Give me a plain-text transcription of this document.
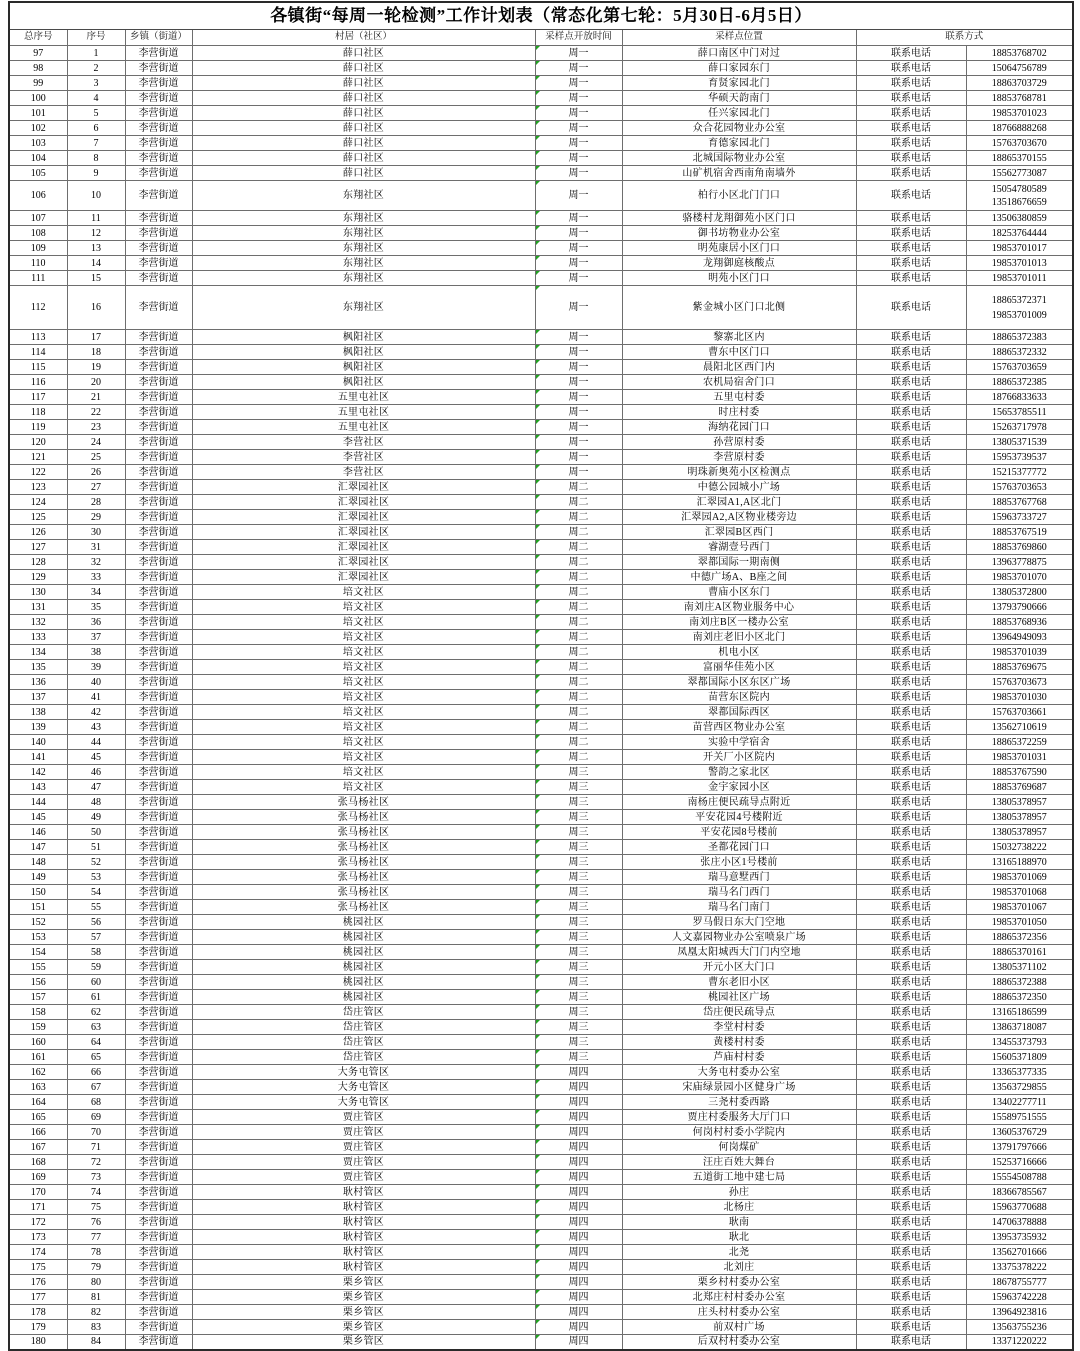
各镇街“每周一轮检测”工作计划表（常态化第七轮：5月30日-6月5日）							
总序号	序号	乡镇（街道）	村居（社区）	采样点开放时间	采样点位置	联系方式	
97	1	李营街道	薛口社区	周一	薛口南区中门对过	联系电话	18853768702

98	2	李营街道	薛口社区	周一	薛口家园东门	联系电话	15064756789

99	3	李营街道	薛口社区	周一	育贤家园北门	联系电话	18863703729

100	4	李营街道	薛口社区	周一	华硕天韵南门	联系电话	18853768781

101	5	李营街道	薛口社区	周一	任兴家园北门	联系电话	19853701023

102	6	李营街道	薛口社区	周一	众合花园物业办公室	联系电话	18766888268

103	7	李营街道	薛口社区	周一	育德家园北门	联系电话	15763703670

104	8	李营街道	薛口社区	周一	北城国际物业办公室	联系电话	18865370155

105	9	李营街道	薛口社区	周一	山矿机宿舍西南角南墙外	联系电话	15562773087

106	10	李营街道	东翔社区	周一	柏行小区北门门口	联系电话	15054780589
13518676659

107	11	李营街道	东翔社区	周一	骆楼村龙翔御苑小区门口	联系电话	13506380859

108	12	李营街道	东翔社区	周一	御书坊物业办公室	联系电话	18253764444

109	13	李营街道	东翔社区	周一	明苑康居小区门口	联系电话	19853701017

110	14	李营街道	东翔社区	周一	龙翔御庭核酸点	联系电话	19853701013

111	15	李营街道	东翔社区	周一	明苑小区门口	联系电话	19853701011

112	16	李营街道	东翔社区	周一	紫金城小区门口北侧	联系电话	18865372371
19853701009

113	17	李营街道	枫阳社区	周一	黎寨北区内	联系电话	18865372383

114	18	李营街道	枫阳社区	周一	曹东中区门口	联系电话	18865372332

115	19	李营街道	枫阳社区	周一	晨阳北区西门内	联系电话	15763703659

116	20	李营街道	枫阳社区	周一	农机局宿舍门口	联系电话	18865372385

117	21	李营街道	五里屯社区	周一	五里屯村委	联系电话	18766833633

118	22	李营街道	五里屯社区	周一	时庄村委	联系电话	15653785511

119	23	李营街道	五里屯社区	周一	海纳花园门口	联系电话	15263717978

120	24	李营街道	李营社区	周一	孙营原村委	联系电话	13805371539

121	25	李营街道	李营社区	周一	李营原村委	联系电话	15953739537

122	26	李营街道	李营社区	周一	明珠新奥苑小区检测点	联系电话	15215377772

123	27	李营街道	汇翠园社区	周二	中德公园城小广场	联系电话	15763703653

124	28	李营街道	汇翠园社区	周二	汇翠园A1,A区北门	联系电话	18853767768

125	29	李营街道	汇翠园社区	周二	汇翠园A2,A区物业楼旁边	联系电话	15963733727

126	30	李营街道	汇翠园社区	周二	汇翠园B区西门	联系电话	18853767519

127	31	李营街道	汇翠园社区	周二	睿湖壹号西门	联系电话	18853769860

128	32	李营街道	汇翠园社区	周二	翠都国际一期南侧	联系电话	13963778875

129	33	李营街道	汇翠园社区	周二	中德广场A、B座之间	联系电话	19853701070

130	34	李营街道	培文社区	周二	曹庙小区东门	联系电话	13805372800

131	35	李营街道	培文社区	周二	南刘庄A区物业服务中心	联系电话	13793790666

132	36	李营街道	培文社区	周二	南刘庄B区一楼办公室	联系电话	18853768936

133	37	李营街道	培文社区	周二	南刘庄老旧小区北门	联系电话	13964949093

134	38	李营街道	培文社区	周二	机电小区	联系电话	19853701039

135	39	李营街道	培文社区	周二	富丽华佳苑小区	联系电话	18853769675

136	40	李营街道	培文社区	周二	翠都国际小区东区广场	联系电话	15763703673

137	41	李营街道	培文社区	周二	苗营东区院内	联系电话	19853701030

138	42	李营街道	培文社区	周二	翠都国际西区	联系电话	15763703661

139	43	李营街道	培文社区	周二	苗营西区物业办公室	联系电话	13562710619

140	44	李营街道	培文社区	周二	实验中学宿舍	联系电话	18865372259

141	45	李营街道	培文社区	周二	开关厂小区院内	联系电话	19853701031

142	46	李营街道	培文社区	周三	警韵之家北区	联系电话	18853767590

143	47	李营街道	培文社区	周三	金宇家园小区	联系电话	18853769687

144	48	李营街道	张马杨社区	周三	南杨庄便民疏导点附近	联系电话	13805378957

145	49	李营街道	张马杨社区	周三	平安花园4号楼附近	联系电话	13805378957

146	50	李营街道	张马杨社区	周三	平安花园8号楼前	联系电话	13805378957

147	51	李营街道	张马杨社区	周三	圣都花园门口	联系电话	15032738222

148	52	李营街道	张马杨社区	周三	张庄小区1号楼前	联系电话	13165188970

149	53	李营街道	张马杨社区	周三	瑞马意墅西门	联系电话	19853701069

150	54	李营街道	张马杨社区	周三	瑞马名门西门	联系电话	19853701068

151	55	李营街道	张马杨社区	周三	瑞马名门南门	联系电话	19853701067

152	56	李营街道	桃园社区	周三	罗马假日东大门空地	联系电话	19853701050

153	57	李营街道	桃园社区	周三	人文嘉园物业办公室喷泉广场	联系电话	18865372356

154	58	李营街道	桃园社区	周三	凤凰太阳城西大门门内空地	联系电话	18865370161

155	59	李营街道	桃园社区	周三	开元小区大门口	联系电话	13805371102

156	60	李营街道	桃园社区	周三	曹东老旧小区	联系电话	18865372388

157	61	李营街道	桃园社区	周三	桃园社区广场	联系电话	18865372350

158	62	李营街道	岱庄管区	周三	岱庄便民疏导点	联系电话	13165186599

159	63	李营街道	岱庄管区	周三	李堂村村委	联系电话	13863718087

160	64	李营街道	岱庄管区	周三	黄楼村村委	联系电话	13455373793

161	65	李营街道	岱庄管区	周三	芦庙村村委	联系电话	15605371809

162	66	李营街道	大务屯管区	周四	大务屯村委办公室	联系电话	13365377335

163	67	李营街道	大务屯管区	周四	宋庙绿景园小区健身广场	联系电话	13563729855

164	68	李营街道	大务屯管区	周四	三尧村委西路	联系电话	13402277711

165	69	李营街道	贾庄管区	周四	贾庄村委服务大厅门口	联系电话	15589751555

166	70	李营街道	贾庄管区	周四	何岗村村委小学院内	联系电话	13605376729

167	71	李营街道	贾庄管区	周四	何岗煤矿	联系电话	13791797666

168	72	李营街道	贾庄管区	周四	汪庄百姓大舞台	联系电话	15253716666

169	73	李营街道	贾庄管区	周四	五道街工地中建七局	联系电话	15554508788

170	74	李营街道	耿村管区	周四	孙庄	联系电话	18366785567

171	75	李营街道	耿村管区	周四	北杨庄	联系电话	15963770688

172	76	李营街道	耿村管区	周四	耿南	联系电话	14706378888

173	77	李营街道	耿村管区	周四	耿北	联系电话	13953735932

174	78	李营街道	耿村管区	周四	北尧	联系电话	13562701666

175	79	李营街道	耿村管区	周四	北刘庄	联系电话	13375378222

176	80	李营街道	栗乡管区	周四	栗乡村村委办公室	联系电话	18678755777

177	81	李营街道	栗乡管区	周四	北郑庄村村委办公室	联系电话	15963742228

178	82	李营街道	栗乡管区	周四	庄头村村委办公室	联系电话	13964923816

179	83	李营街道	栗乡管区	周四	前双村广场	联系电话	13563755236

180	84	李营街道	栗乡管区	周四	后双村村委办公室	联系电话	13371220222
